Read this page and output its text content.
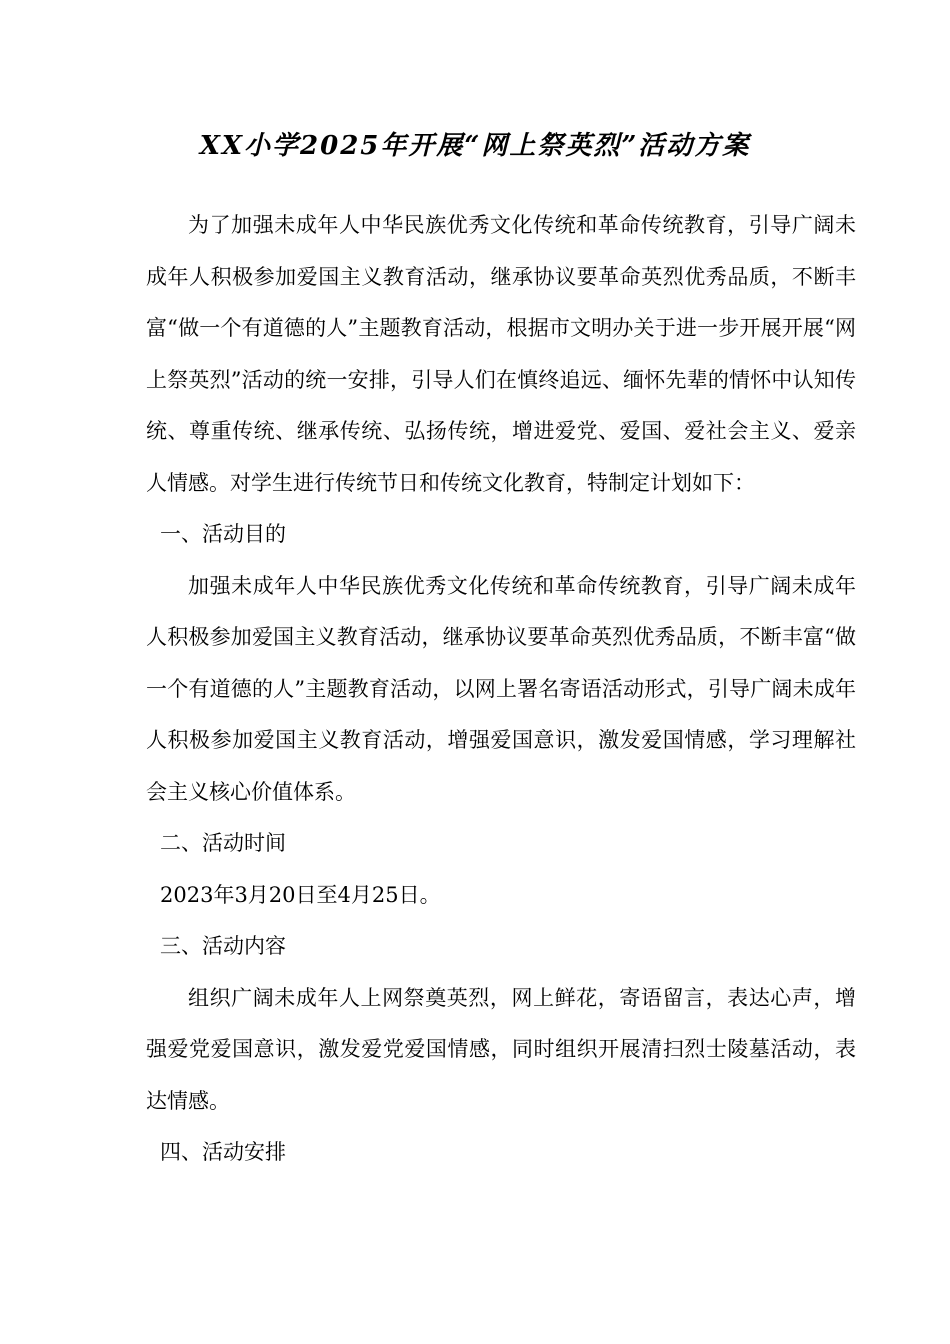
XX小学2025年开展“网上祭英烈”活动方案

为了加强未成年人中华民族优秀文化传统和革命传统教育，引导广阔未成年人积极参加爱国主义教育活动，继承协议要革命英烈优秀品质，不断丰富“做一个有道德的人”主题教育活动，根据市文明办关于进一步开展开展“网上祭英烈”活动的统一安排，引导人们在慎终追远、缅怀先辈的情怀中认知传统、尊重传统、继承传统、弘扬传统，增进爱党、爱国、爱社会主义、爱亲人情感。对学生进行传统节日和传统文化教育，特制定计划如下：

一、活动目的

加强未成年人中华民族优秀文化传统和革命传统教育，引导广阔未成年人积极参加爱国主义教育活动，继承协议要革命英烈优秀品质，不断丰富“做一个有道德的人”主题教育活动，以网上署名寄语活动形式，引导广阔未成年人积极参加爱国主义教育活动，增强爱国意识，激发爱国情感，学习理解社会主义核心价值体系。

二、活动时间

2023年3月20日至4月25日。

三、活动内容

组织广阔未成年人上网祭奠英烈，网上鲜花，寄语留言，表达心声，增强爱党爱国意识，激发爱党爱国情感，同时组织开展清扫烈士陵墓活动，表达情感。

四、活动安排
